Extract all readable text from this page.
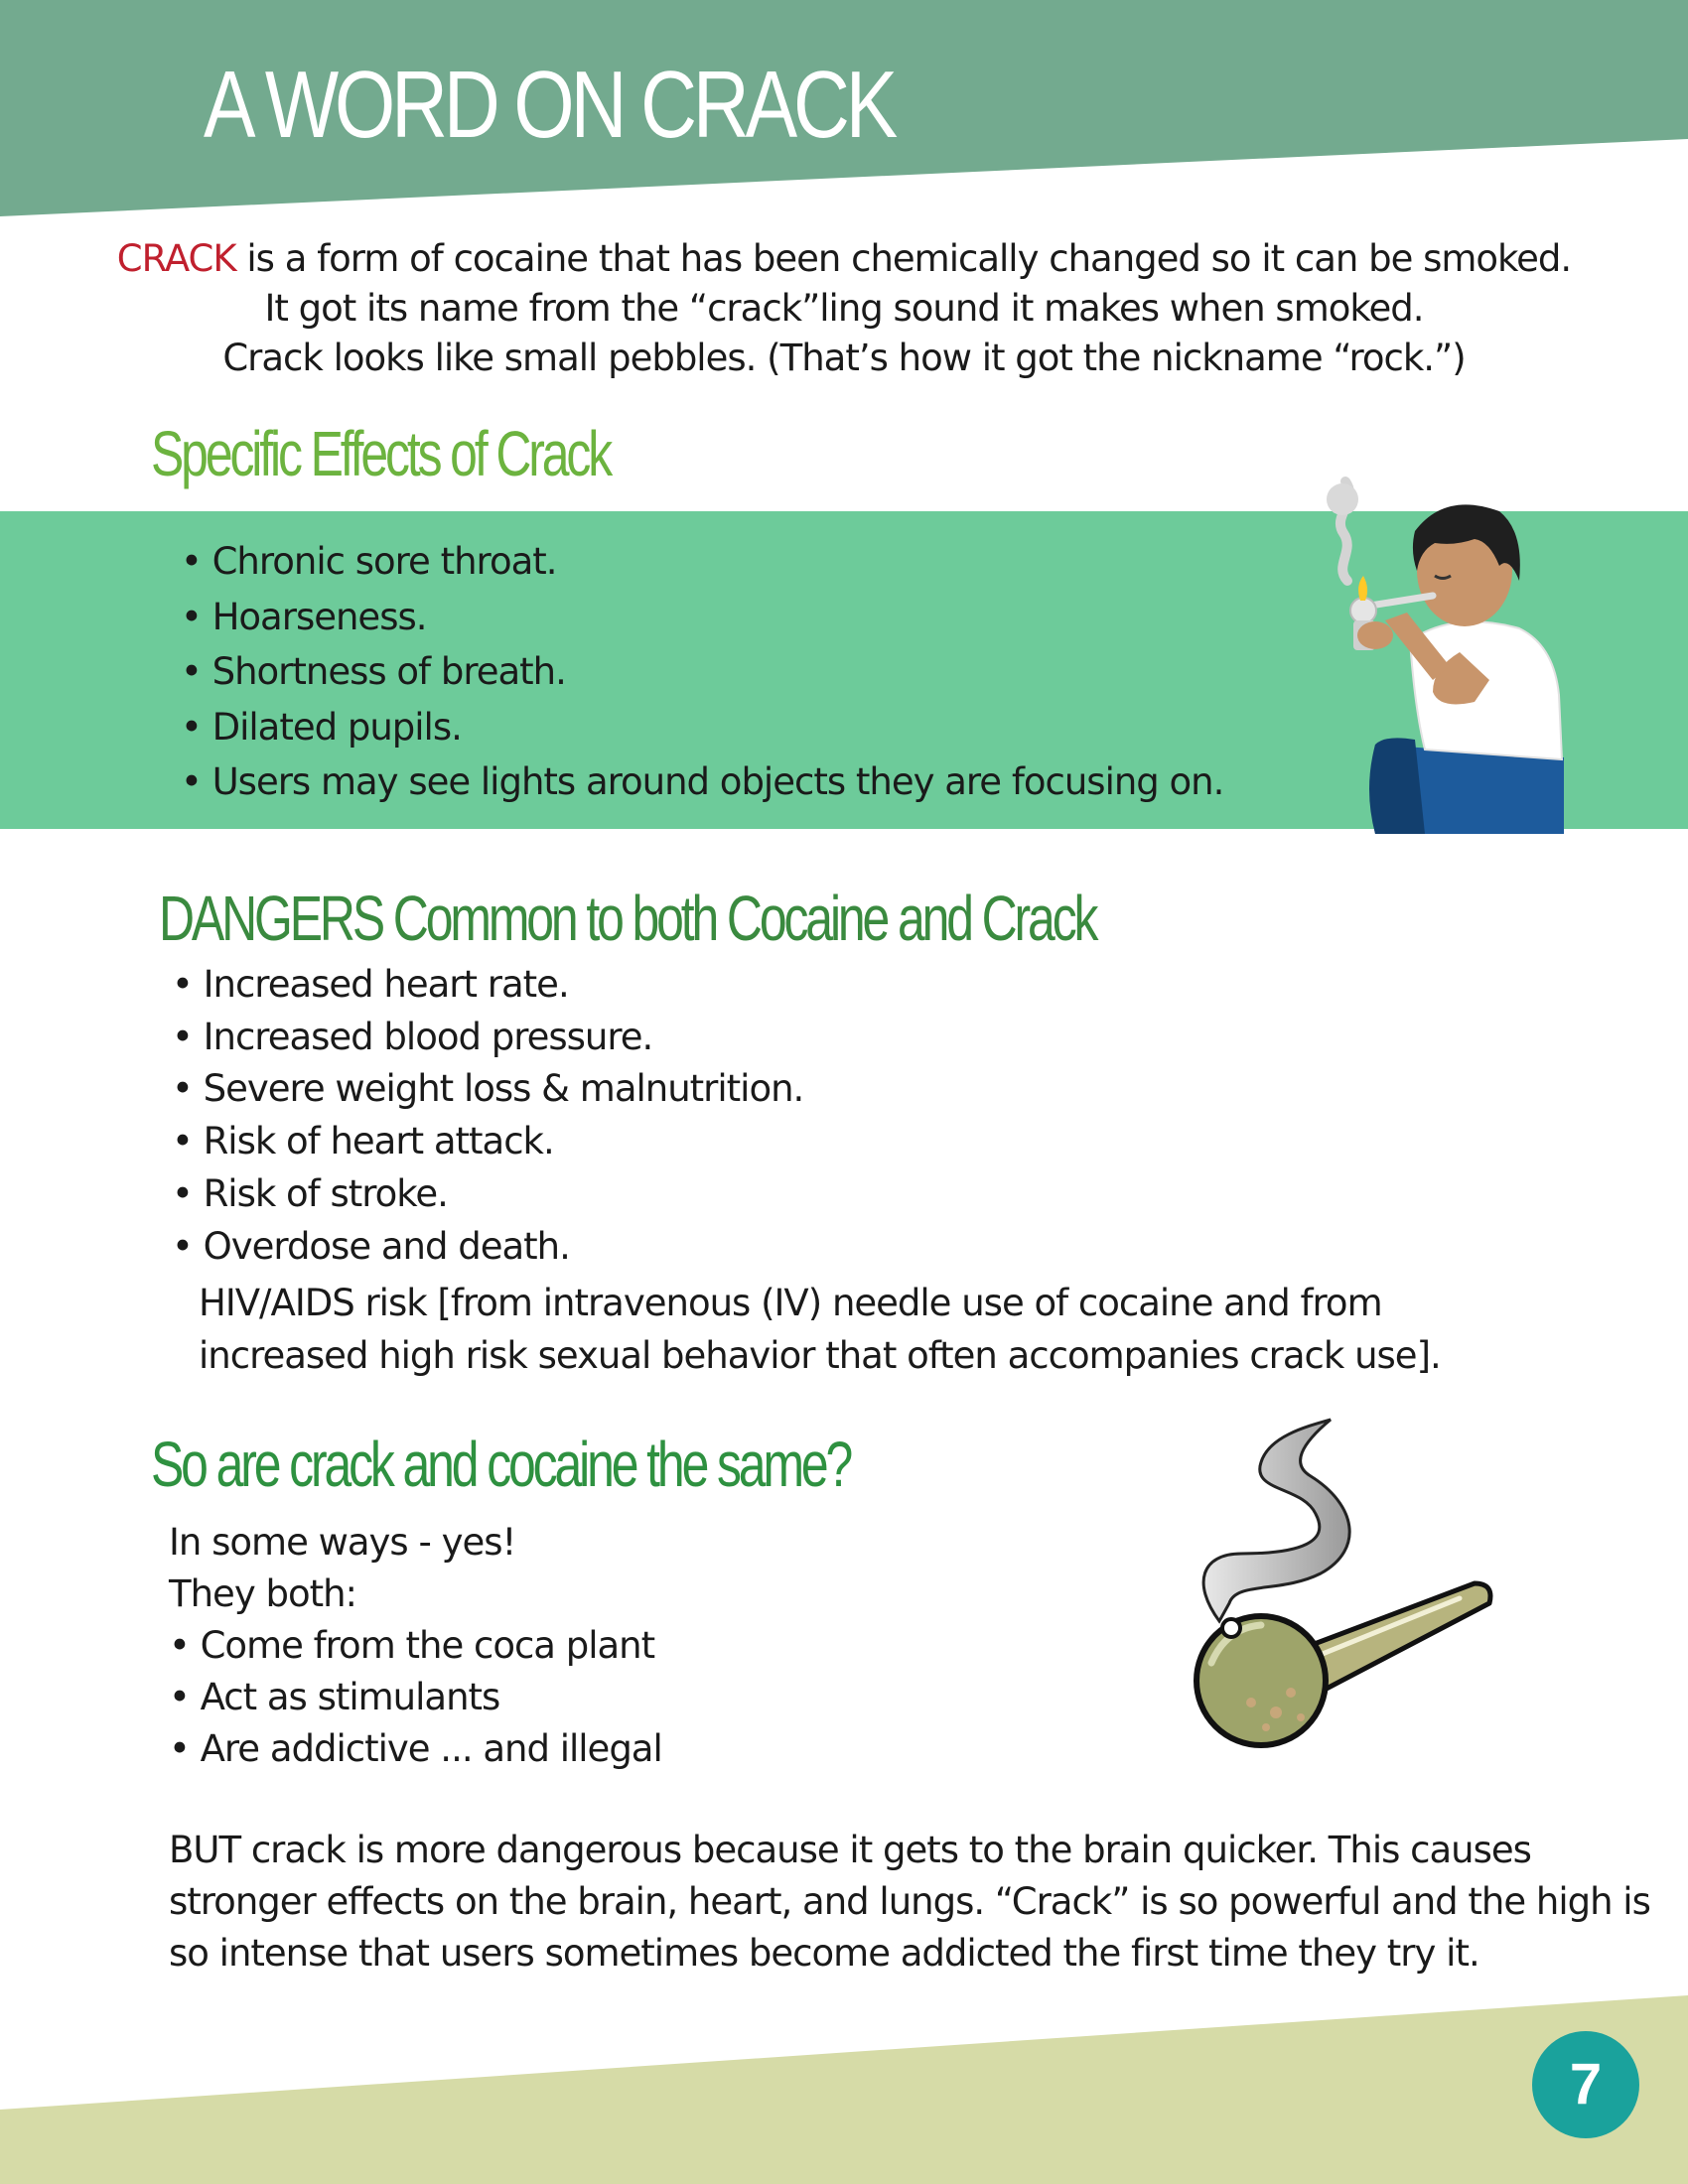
A WORD ON CRACK
CRACK is a form of cocaine that has been chemically changed so it can be smoked.
It got its name from the “crack”ling sound it makes when smoked.
Crack looks like small pebbles. (That’s how it got the nickname “rock.”)
Specific Effects of Crack
• Chronic sore throat.
• Hoarseness.
• Shortness of breath.
• Dilated pupils.
• Users may see lights around objects they are focusing on.
DANGERS Common to both Cocaine and Crack
• Increased heart rate.
• Increased blood pressure.
• Severe weight loss & malnutrition.
• Risk of heart attack.
• Risk of stroke.
• Overdose and death.
HIV/AIDS risk [from intravenous (IV) needle use of cocaine and from
increased high risk sexual behavior that often accompanies crack use].
So are crack and cocaine the same?
In some ways - yes!
They both:
• Come from the coca plant
• Act as stimulants
• Are addictive ... and illegal
BUT crack is more dangerous because it gets to the brain quicker. This causes
stronger effects on the brain, heart, and lungs. “Crack” is so powerful and the high is
so intense that users sometimes become addicted the first time they try it.
7
